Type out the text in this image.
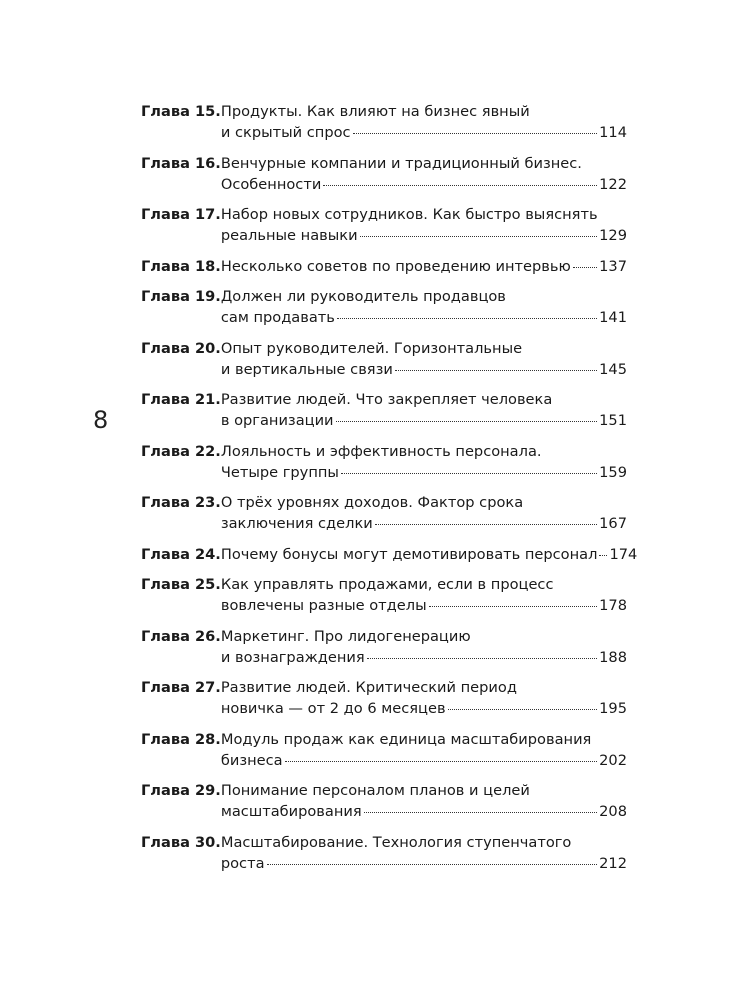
8
Глава 15. Продукты. Как влияют на бизнес явный
и скрытый спрос	114
Глава 16. Венчурные компании и традиционный бизнес.
Особенности	122
Глава 17. Набор новых сотрудников. Как быстро выяснять
реальные навыки	129
Глава 18. Несколько советов по проведению интервью 137
Глава 19. Должен ли руководитель продавцов
сам продавать	141
Глава 20. Опыт руководителей. Горизонтальные
и вертикальные связи	145
Глава 21. Развитие людей. Что закрепляет человека
в организации	151
Глава 22. Лояльность и эффективность персонала.
Четыре группы	159
Глава 23. О трёх уровнях доходов. Фактор срока
заключения сделки	167
Глава 24. Почему бонусы могут демотивировать персонал 174
Глава 25. Как управлять продажами, если в процесс
вовлечены разные отделы	178
Глава 26. Маркетинг. Про лидогенерацию
и вознаграждения	188
Глава 27. Развитие людей. Критический период
новичка — от 2 до 6 месяцев	195
Глава 28. Модуль продаж как единица масштабирования
бизнеса	202
Глава 29. Понимание персоналом планов и целей
масштабирования	208
Глава 30. Масштабирование. Технология ступенчатого
роста	212
